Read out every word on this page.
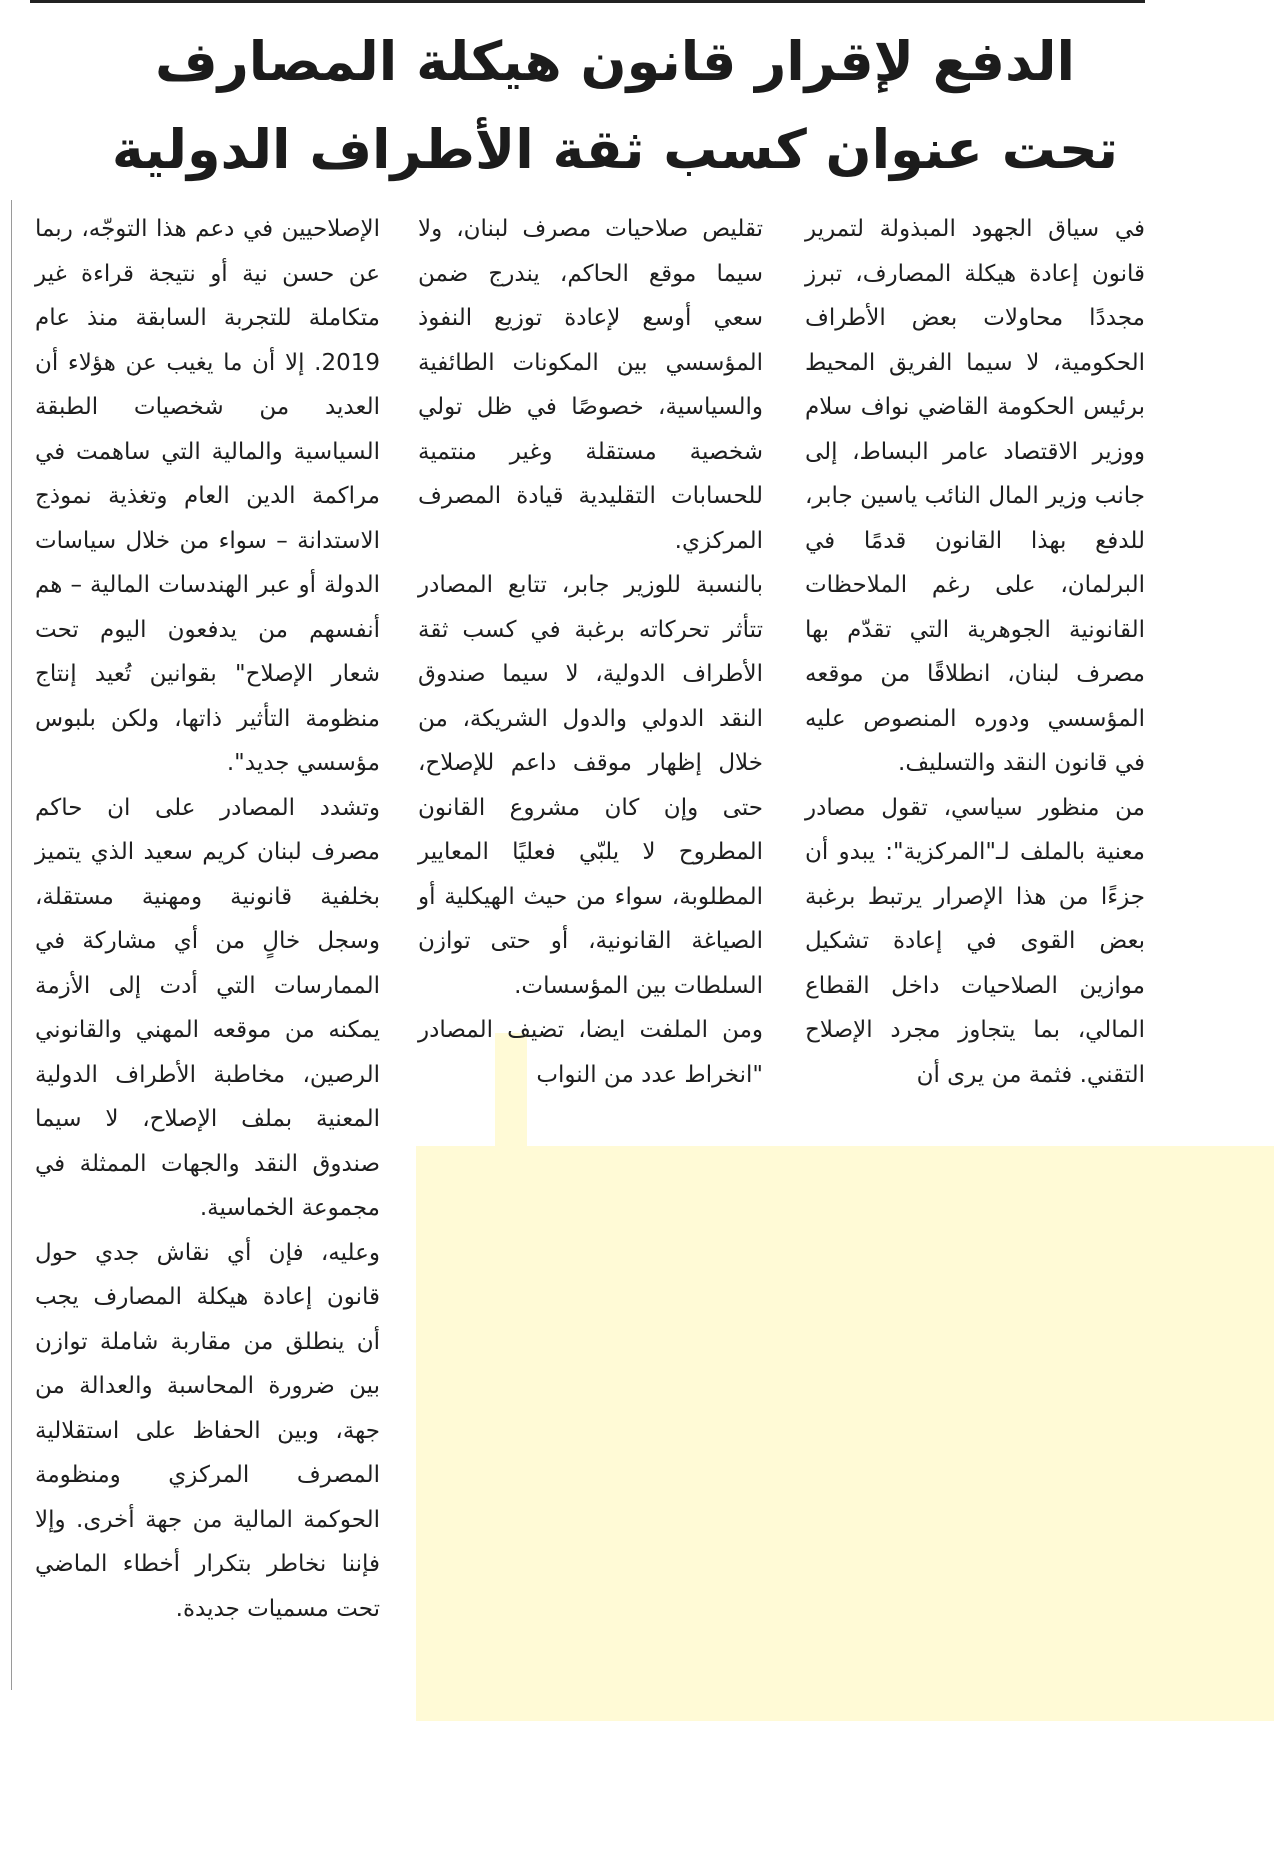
الدفع لإقرار قانون هيكلة المصارف
تحت عنوان كسب ثقة الأطراف الدولية

في سياق الجهود المبذولة لتمرير قانون إعادة هيكلة المصارف، تبرز مجددًا محاولات بعض الأطراف الحكومية، لا سيما الفريق المحيط برئيس الحكومة القاضي نواف سلام ووزير الاقتصاد عامر البساط، إلى جانب وزير المال النائب ياسين جابر، للدفع بهذا القانون قدمًا في البرلمان، على رغم الملاحظات القانونية الجوهرية التي تقدّم بها مصرف لبنان، انطلاقًا من موقعه المؤسسي ودوره المنصوص عليه في قانون النقد والتسليف.

من منظور سياسي، تقول مصادر معنية بالملف لـ"المركزية": يبدو أن جزءًا من هذا الإصرار يرتبط برغبة بعض القوى في إعادة تشكيل موازين الصلاحيات داخل القطاع المالي، بما يتجاوز مجرد الإصلاح التقني. فثمة من يرى أن

تقليص صلاحيات مصرف لبنان، ولا سيما موقع الحاكم، يندرج ضمن سعي أوسع لإعادة توزيع النفوذ المؤسسي بين المكونات الطائفية والسياسية، خصوصًا في ظل تولي شخصية مستقلة وغير منتمية للحسابات التقليدية قيادة المصرف المركزي.

بالنسبة للوزير جابر، تتابع المصادر تتأثر تحركاته برغبة في كسب ثقة الأطراف الدولية، لا سيما صندوق النقد الدولي والدول الشريكة، من خلال إظهار موقف داعم للإصلاح، حتى وإن كان مشروع القانون المطروح لا يلبّي فعليًا المعايير المطلوبة، سواء من حيث الهيكلية أو الصياغة القانونية، أو حتى توازن السلطات بين المؤسسات.

ومن الملفت ايضا، تضيف المصادر "انخراط عدد من النواب

الإصلاحيين في دعم هذا التوجّه، ربما عن حسن نية أو نتيجة قراءة غير متكاملة للتجربة السابقة منذ عام 2019. إلا أن ما يغيب عن هؤلاء أن العديد من شخصيات الطبقة السياسية والمالية التي ساهمت في مراكمة الدين العام وتغذية نموذج الاستدانة – سواء من خلال سياسات الدولة أو عبر الهندسات المالية – هم أنفسهم من يدفعون اليوم تحت شعار الإصلاح" بقوانين تُعيد إنتاج منظومة التأثير ذاتها، ولكن بلبوس مؤسسي جديد".

وتشدد المصادر على ان حاكم مصرف لبنان كريم سعيد الذي يتميز بخلفية قانونية ومهنية مستقلة، وسجل خالٍ من أي مشاركة في الممارسات التي أدت إلى الأزمة يمكنه من موقعه المهني والقانوني الرصين، مخاطبة الأطراف الدولية المعنية بملف الإصلاح، لا سيما صندوق النقد والجهات الممثلة في مجموعة الخماسية.

وعليه، فإن أي نقاش جدي حول قانون إعادة هيكلة المصارف يجب أن ينطلق من مقاربة شاملة توازن بين ضرورة المحاسبة والعدالة من جهة، وبين الحفاظ على استقلالية المصرف المركزي ومنظومة الحوكمة المالية من جهة أخرى. وإلا فإننا نخاطر بتكرار أخطاء الماضي تحت مسميات جديدة.
